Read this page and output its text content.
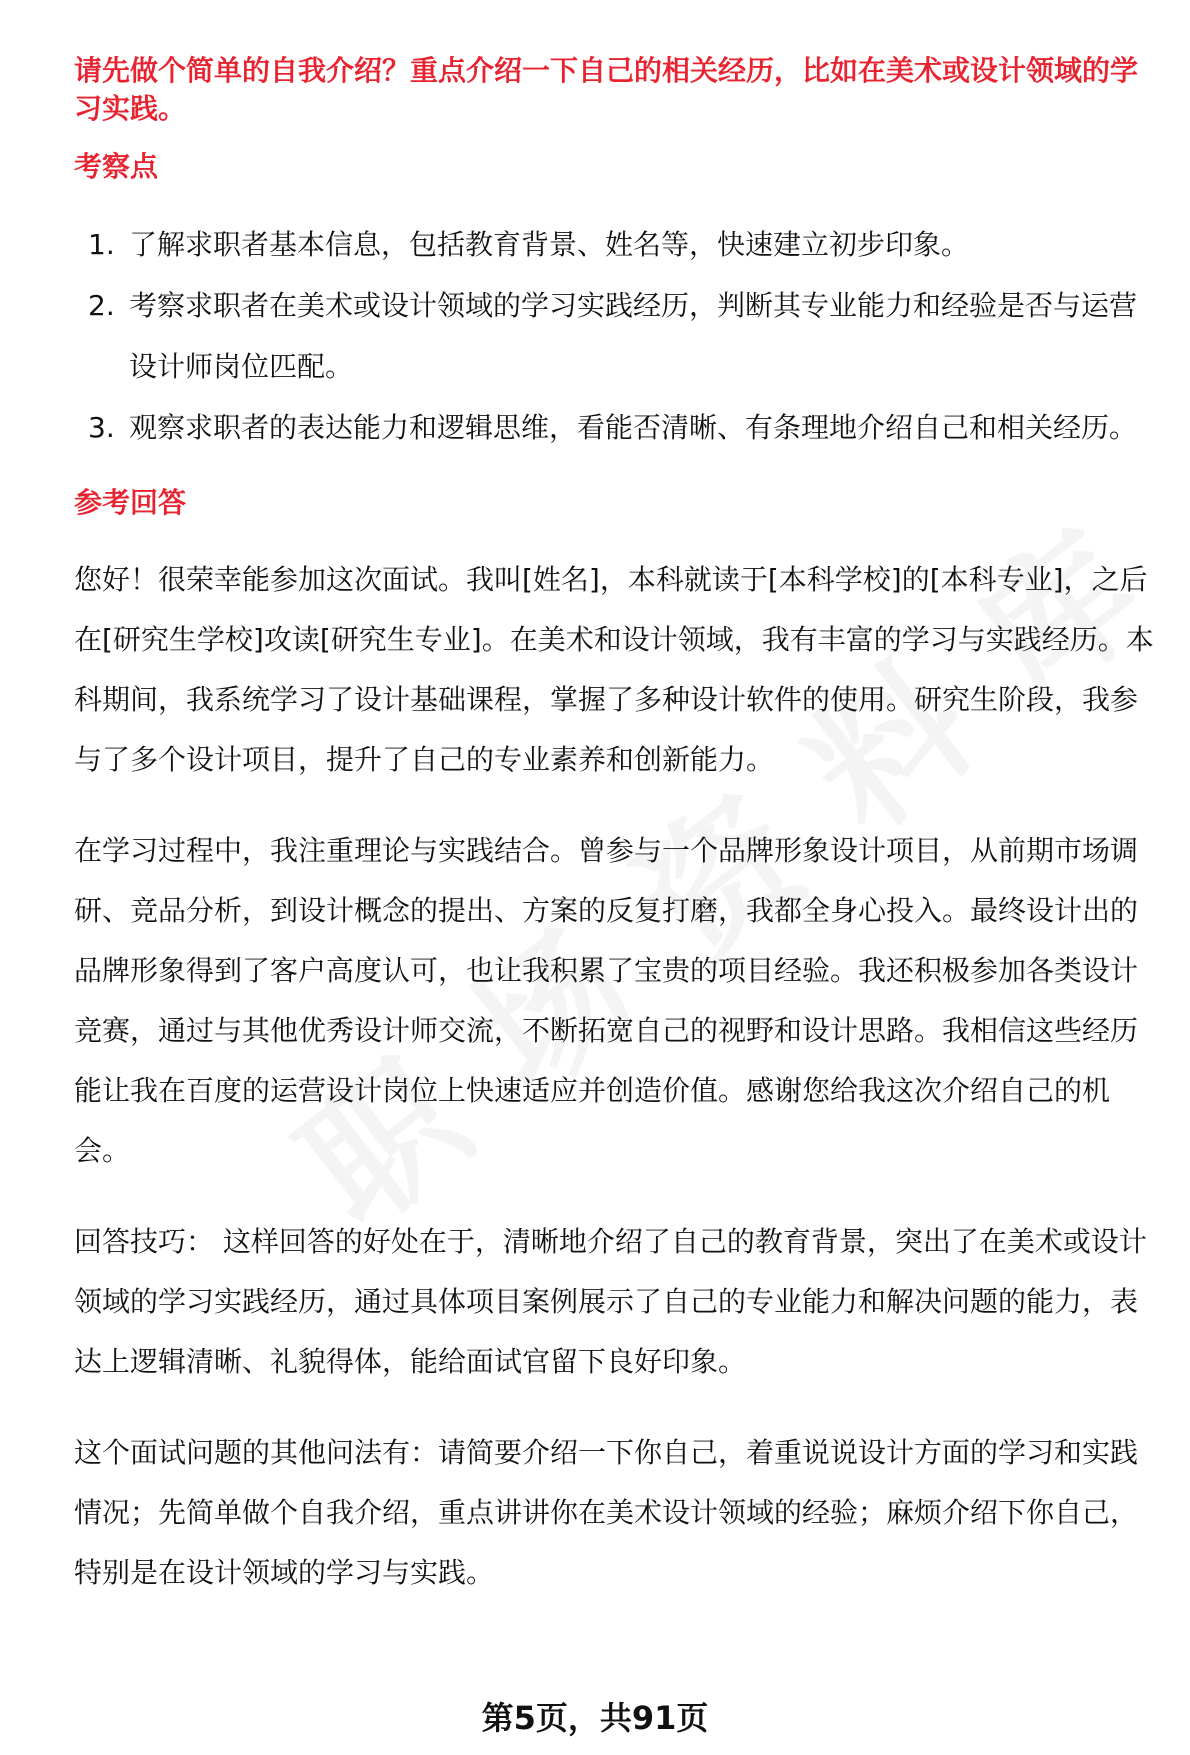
请先做个简单的自我介绍？重点介绍一下自己的相关经历，比如在美术或设计领域的学习实践。

考察点

1. 了解求职者基本信息，包括教育背景、姓名等，快速建立初步印象。
2. 考察求职者在美术或设计领域的学习实践经历，判断其专业能力和经验是否与运营设计师岗位匹配。
3. 观察求职者的表达能力和逻辑思维，看能否清晰、有条理地介绍自己和相关经历。

参考回答

您好！很荣幸能参加这次面试。我叫[姓名]，本科就读于[本科学校]的[本科专业]，之后在[研究生学校]攻读[研究生专业]。在美术和设计领域，我有丰富的学习与实践经历。本科期间，我系统学习了设计基础课程，掌握了多种设计软件的使用。研究生阶段，我参与了多个设计项目，提升了自己的专业素养和创新能力。

在学习过程中，我注重理论与实践结合。曾参与一个品牌形象设计项目，从前期市场调研、竞品分析，到设计概念的提出、方案的反复打磨，我都全身心投入。最终设计出的品牌形象得到了客户高度认可，也让我积累了宝贵的项目经验。我还积极参加各类设计竞赛，通过与其他优秀设计师交流，不断拓宽自己的视野和设计思路。我相信这些经历能让我在百度的运营设计岗位上快速适应并创造价值。感谢您给我这次介绍自己的机会。

回答技巧： 这样回答的好处在于，清晰地介绍了自己的教育背景，突出了在美术或设计领域的学习实践经历，通过具体项目案例展示了自己的专业能力和解决问题的能力，表达上逻辑清晰、礼貌得体，能给面试官留下良好印象。

这个面试问题的其他问法有：请简要介绍一下你自己，着重说说设计方面的学习和实践情况；先简单做个自我介绍，重点讲讲你在美术设计领域的经验；麻烦介绍下你自己，特别是在设计领域的学习与实践。

第5页，共91页
